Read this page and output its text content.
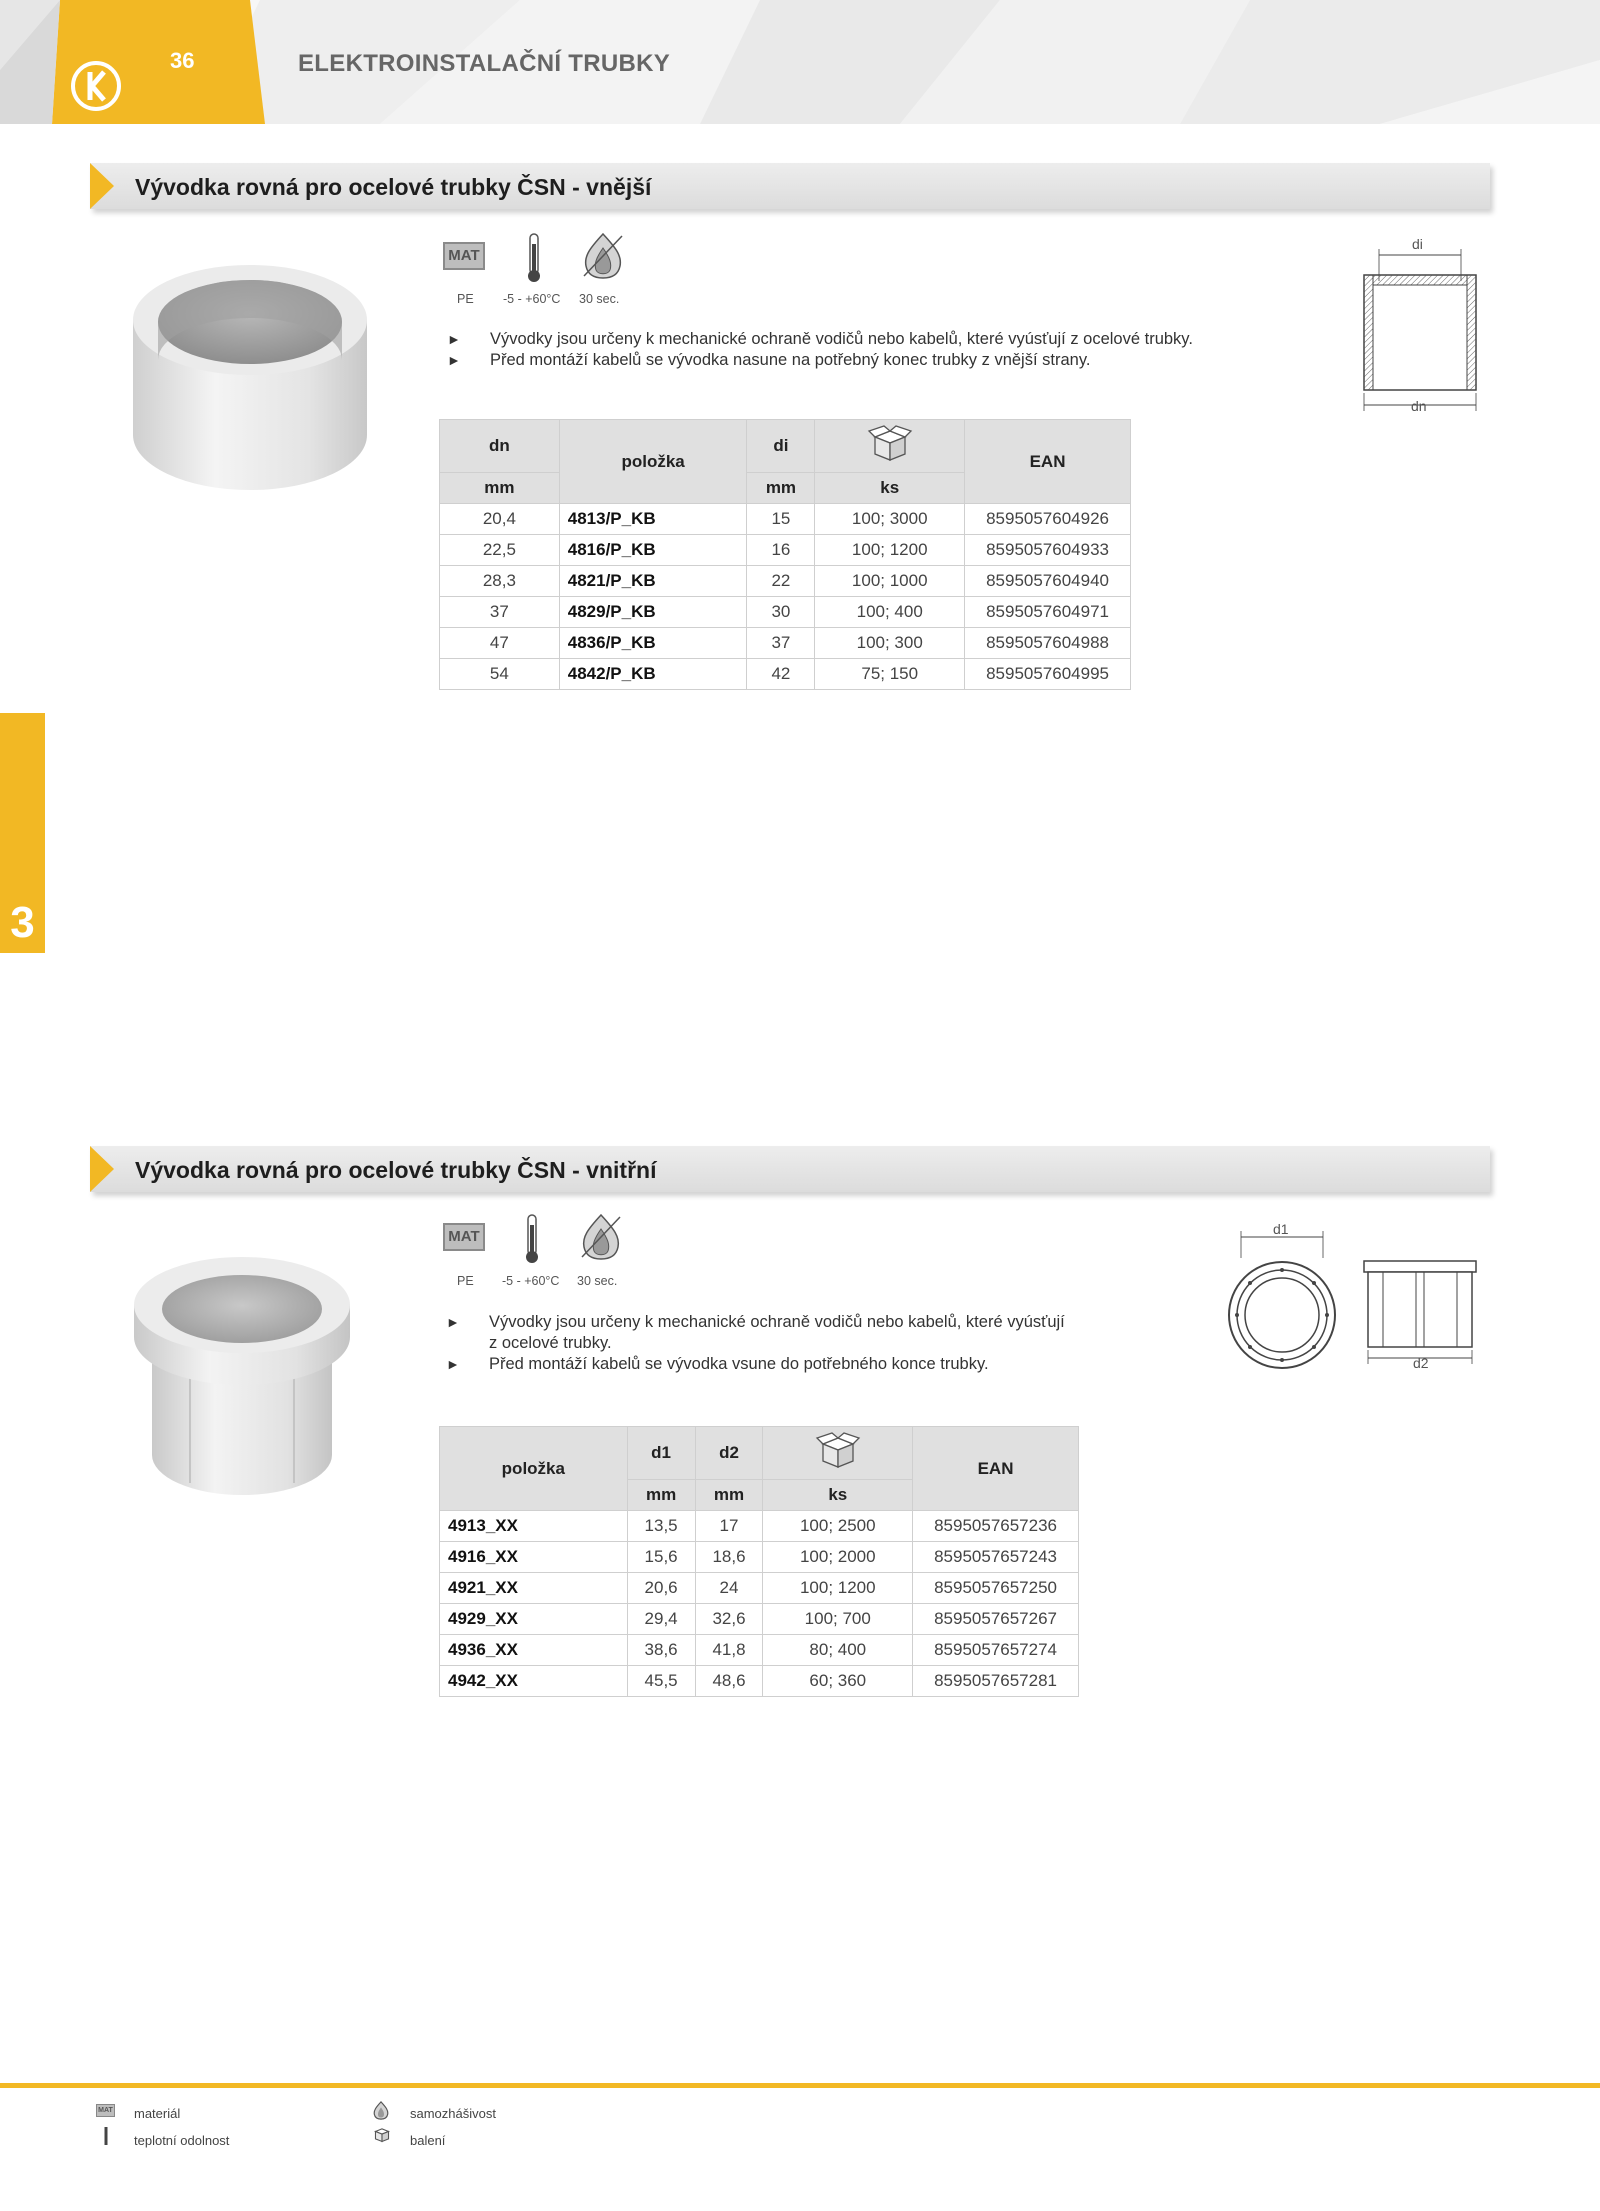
36	ELEKTROINSTALAČNÍ TRUBKY
3
Vývodka rovná pro ocelové trubky ČSN - vnější
MAT
PE -5 - +60°C 30 sec.
► Vývodky jsou určeny k mechanické ochraně vodičů nebo kabelů, které vyúsťují z ocelové trubky.
► Před montáží kabelů se vývodka nasune na potřebný konec trubky z vnější strany.
di
dn
dn	položka	di		EAN
mm		mm	ks	
20,4	4813/P_KB	15	100; 3000	8595057604926
22,5	4816/P_KB	16	100; 1200	8595057604933
28,3	4821/P_KB	22	100; 1000	8595057604940
37	4829/P_KB	30	100; 400	8595057604971
47	4836/P_KB	37	100; 300	8595057604988
54	4842/P_KB	42	75; 150	8595057604995
Vývodka rovná pro ocelové trubky ČSN - vnitřní
MAT
PE -5 - +60°C 30 sec.
► Vývodky jsou určeny k mechanické ochraně vodičů nebo kabelů, které vyúsťují
z ocelové trubky.
► Před montáží kabelů se vývodka vsune do potřebného konce trubky.
d1
d2
položka	d1	d2		EAN
	mm	mm	ks	
4913_XX	13,5	17	100; 2500	8595057657236
4916_XX	15,6	18,6	100; 2000	8595057657243
4921_XX	20,6	24	100; 1200	8595057657250
4929_XX	29,4	32,6	100; 700	8595057657267
4936_XX	38,6	41,8	80; 400	8595057657274
4942_XX	45,5	48,6	60; 360	8595057657281
MAT materiál
teplotní odolnost
samozhášivost
balení
